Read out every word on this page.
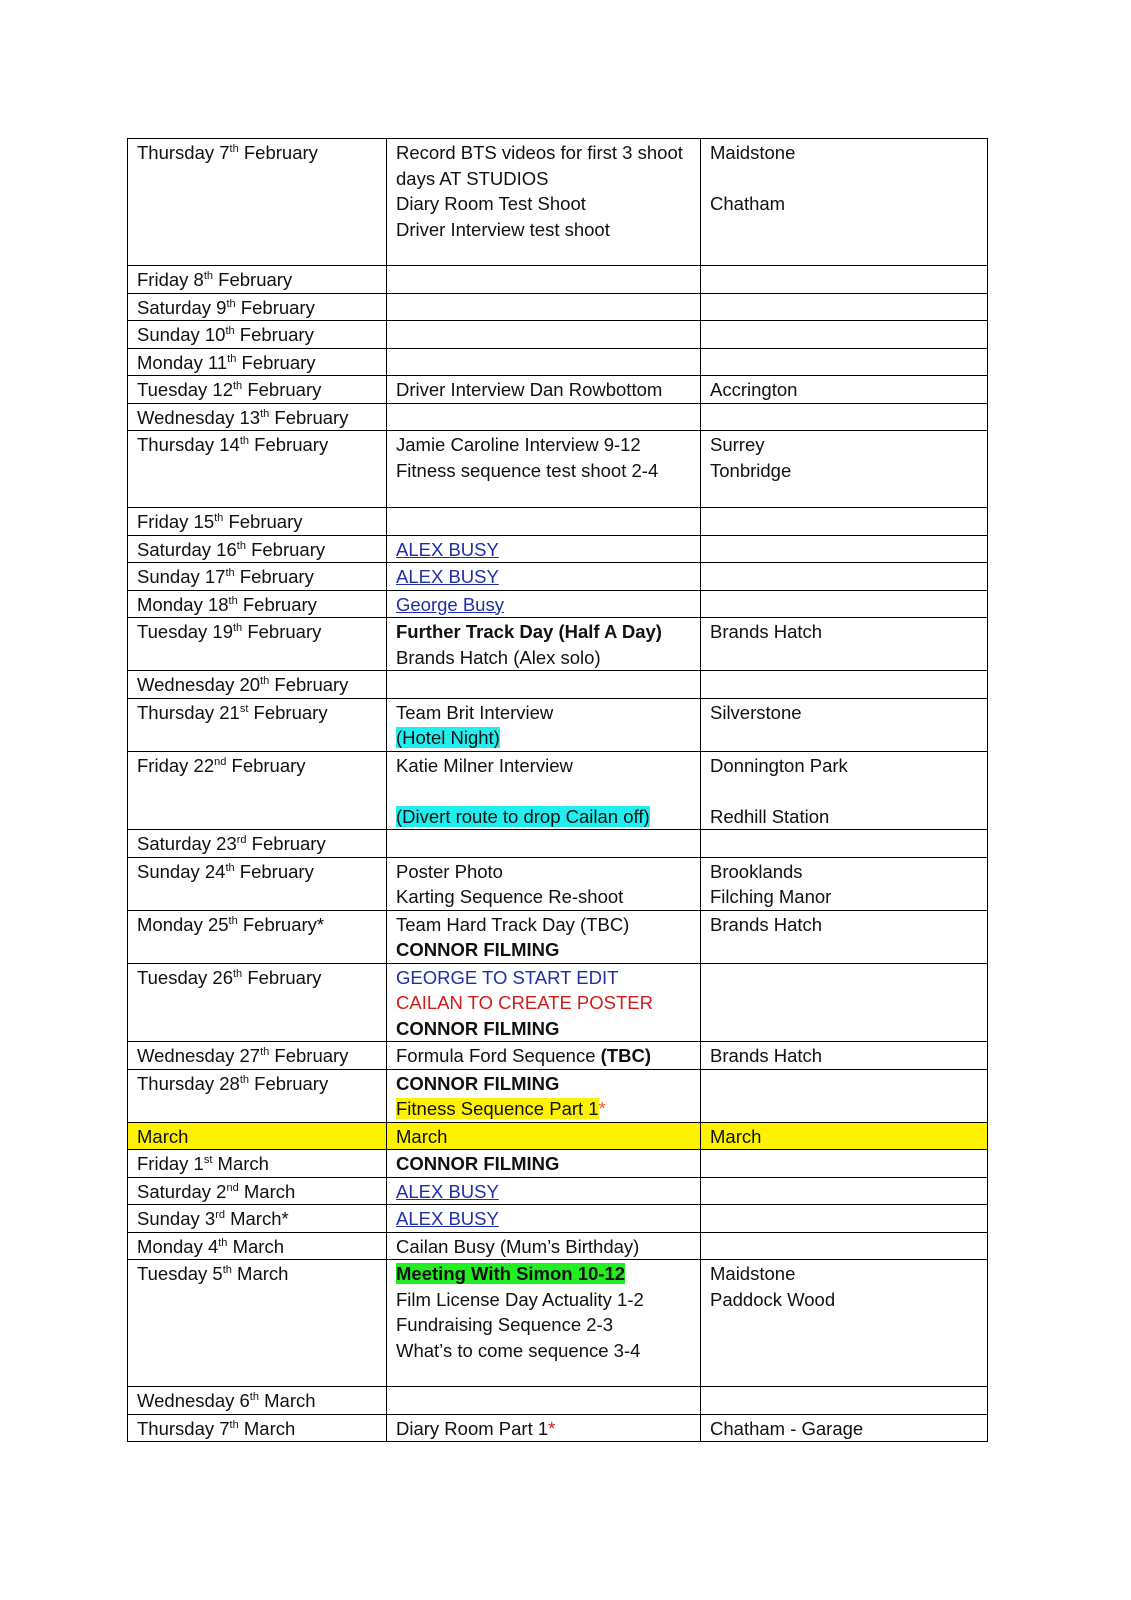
Thursday 7th February	Record BTS videos for first 3 shoot
days AT STUDIOS
Diary Room Test Shoot
Driver Interview test shoot	Maidstone
Chatham

Friday 8th February		

Saturday 9th February		

Sunday 10th February		

Monday 11th February		

Tuesday 12th February	Driver Interview Dan Rowbottom	Accrington

Wednesday 13th February		

Thursday 14th February	Jamie Caroline Interview 9-12
Fitness sequence test shoot 2-4	Surrey
Tonbridge

Friday 15th February		

Saturday 16th February	ALEX BUSY	

Sunday 17th February	ALEX BUSY	

Monday 18th February	George Busy	

Tuesday 19th February	Further Track Day (Half A Day)
Brands Hatch (Alex solo)	Brands Hatch

Wednesday 20th February		

Thursday 21st February	Team Brit Interview
(Hotel Night)	Silverstone

Friday 22nd February	Katie Milner Interview
(Divert route to drop Cailan off)	Donnington Park
Redhill Station

Saturday 23rd February		

Sunday 24th February	Poster Photo
Karting Sequence Re-shoot	Brooklands
Filching Manor

Monday 25th February*	Team Hard Track Day (TBC)
CONNOR FILMING	Brands Hatch

Tuesday 26th February	GEORGE TO START EDIT
CAILAN TO CREATE POSTER
CONNOR FILMING	

Wednesday 27th February	Formula Ford Sequence (TBC)	Brands Hatch

Thursday 28th February	CONNOR FILMING
Fitness Sequence Part 1*	

March	March	March

Friday 1st March	CONNOR FILMING	

Saturday 2nd March	ALEX BUSY	

Sunday 3rd March*	ALEX BUSY	

Monday 4th March	Cailan Busy (Mum’s Birthday)	

Tuesday 5th March	Meeting With Simon 10-12
Film License Day Actuality 1-2
Fundraising Sequence 2-3
What’s to come sequence 3-4	Maidstone
Paddock Wood

Wednesday 6th March		

Thursday 7th March	Diary Room Part 1*	Chatham - Garage
